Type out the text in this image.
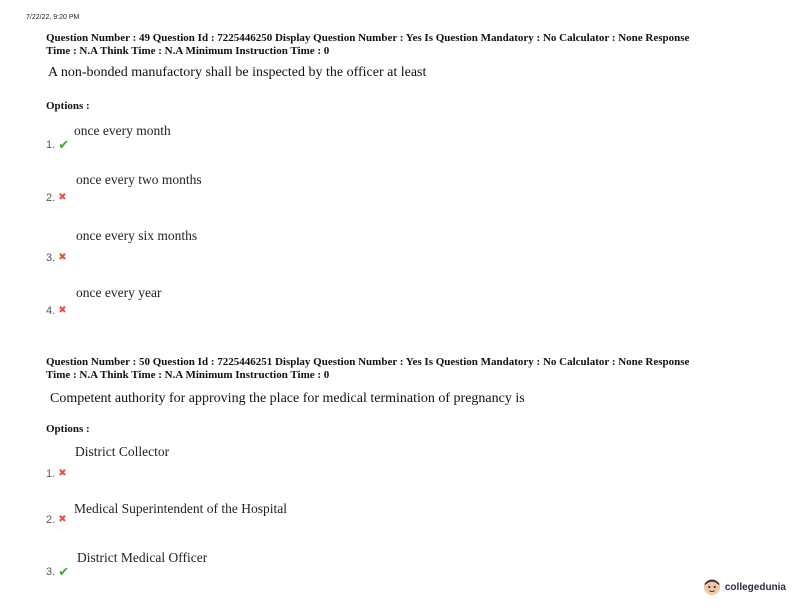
7/22/22, 9:20 PM
Question Number : 49 Question Id : 7225446250 Display Question Number : Yes Is Question Mandatory : No Calculator : None Response
Time : N.A Think Time : N.A Minimum Instruction Time : 0
A non-bonded manufactory shall be inspected by the officer at least
Options :
once every month
1. ✔
once every two months
2. ✖
once every six months
3. ✖
once every year
4. ✖
Question Number : 50 Question Id : 7225446251 Display Question Number : Yes Is Question Mandatory : No Calculator : None Response
Time : N.A Think Time : N.A Minimum Instruction Time : 0
Competent authority for approving the place for medical termination of pregnancy is
Options :
District Collector
1. ✖
Medical Superintendent of the Hospital
2. ✖
District Medical Officer
3. ✔
collegedunia
